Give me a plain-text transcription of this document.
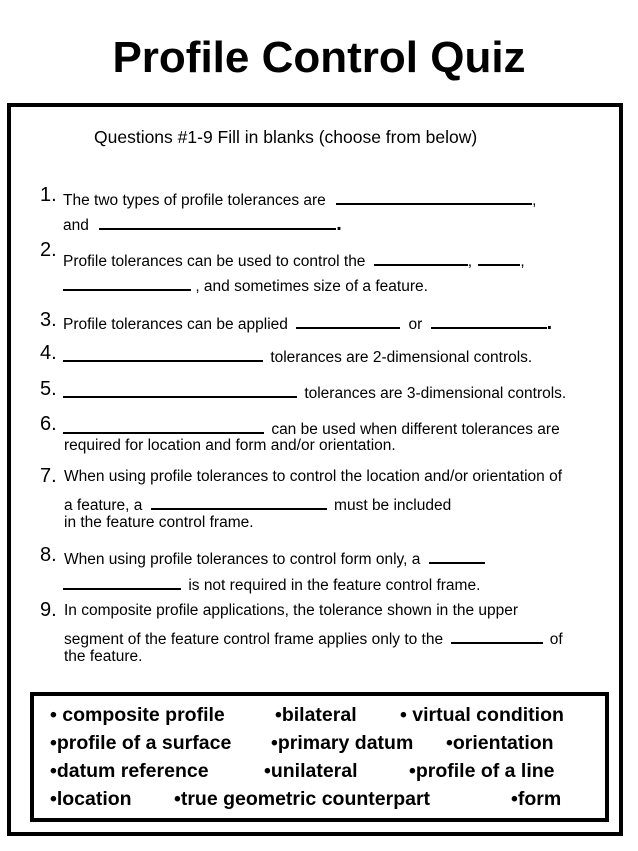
Profile Control Quiz
Questions #1-9 Fill in blanks (choose from below)
1. The two types of profile tolerances are	,
and	.
2.
Profile tolerances can be used to control the	,	,
, and sometimes size of a feature.
3. Profile tolerances can be applied	or	.
4.	tolerances are 2-dimensional controls.
5.	tolerances are 3-dimensional controls.
6.	can be used when different tolerances are
required for location and form and/or orientation.
7. When using profile tolerances to control the location and/or orientation of
a feature, a	must be included
in the feature control frame.
8. When using profile tolerances to control form only, a
is not required in the feature control frame.
9. In composite profile applications, the tolerance shown in the upper
segment of the feature control frame applies only to the	of
the feature.
• composite profile	•bilateral • virtual condition
•profile of a surface •primary datum •orientation
•datum reference	•unilateral	•profile of a line
•location •true geometric counterpart	•form
